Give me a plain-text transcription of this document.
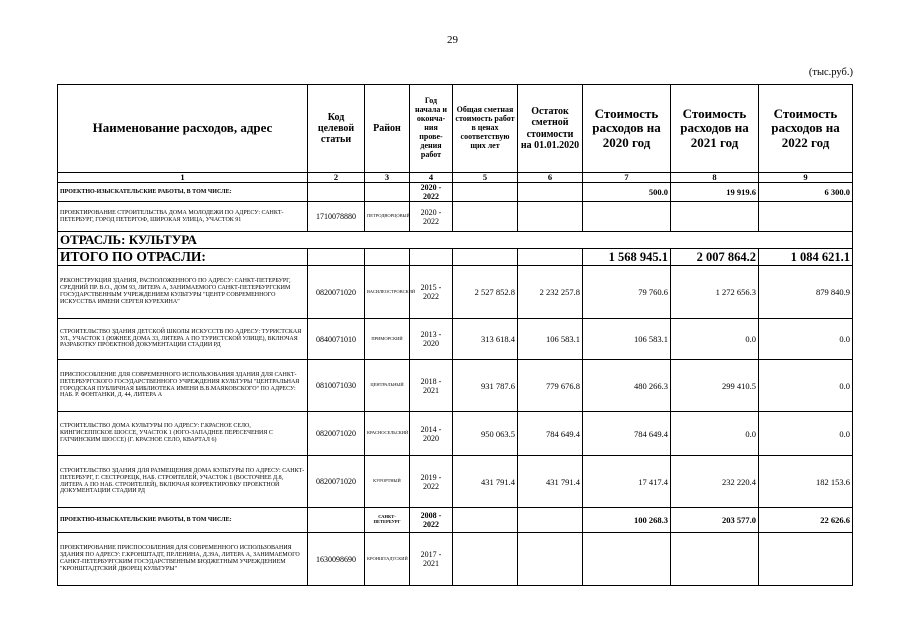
29
(тыс.руб.)
Наименование расходов, адрес	Код целевой статьи	Район	Год начала и оконча-ния прове-дения работ	Общая сметная стоимость работ в ценах соответствую щих лет	Остаток сметной стоимости на 01.01.2020	Стоимость расходов на 2020 год	Стоимость расходов на 2021 год	Стоимость расходов на 2022 год
1	2	3	4	5	6	7	8	9
ПРОЕКТНО-ИЗЫСКАТЕЛЬСКИЕ РАБОТЫ, В ТОМ ЧИСЛЕ:			2020 - 2022			500.0	19 919.6	6 300.0
ПРОЕКТИРОВАНИЕ СТРОИТЕЛЬСТВА ДОМА МОЛОДЕЖИ ПО АДРЕСУ: САНКТ-ПЕТЕРБУРГ, ГОРОД ПЕТЕРГОФ, ШИРОКАЯ УЛИЦА, УЧАСТОК 91	1710078880	ПЕТРОДВОРЦОВЫЙ	2020 - 2022					
ОТРАСЛЬ: КУЛЬТУРА								
ИТОГО ПО ОТРАСЛИ:						1 568 945.1	2 007 864.2	1 084 621.1
РЕКОНСТРУКЦИЯ ЗДАНИЯ, РАСПОЛОЖЕННОГО ПО АДРЕСУ: САНКТ-ПЕТЕРБУРГ, СРЕДНИЙ ПР. В.О., ДОМ 93, ЛИТЕРА А, ЗАНИМАЕМОГО САНКТ-ПЕТЕРБУРГСКИМ ГОСУДАРСТВЕННЫМ УЧРЕЖДЕНИЕМ КУЛЬТУРЫ "ЦЕНТР СОВРЕМЕННОГО ИСКУССТВА ИМЕНИ СЕРГЕЯ КУРЕХИНА"	0820071020	ВАСИЛЕОСТРОВСКИЙ	2015 - 2022	2 527 852.8	2 232 257.8	79 760.6	1 272 656.3	879 840.9
СТРОИТЕЛЬСТВО ЗДАНИЯ ДЕТСКОЙ ШКОЛЫ ИСКУССТВ ПО АДРЕСУ: ТУРИСТСКАЯ УЛ., УЧАСТОК 1 (ЮЖНЕЕ ДОМА 33, ЛИТЕРА А ПО ТУРИСТСКОЙ УЛИЦЕ), ВКЛЮЧАЯ РАЗРАБОТКУ ПРОЕКТНОЙ ДОКУМЕНТАЦИИ СТАДИИ РД	0840071010	ПРИМОРСКИЙ	2013 - 2020	313 618.4	106 583.1	106 583.1	0.0	0.0
ПРИСПОСОБЛЕНИЕ ДЛЯ СОВРЕМЕННОГО ИСПОЛЬЗОВАНИЯ ЗДАНИЯ ДЛЯ САНКТ-ПЕТЕРБУРГСКОГО ГОСУДАРСТВЕННОГО УЧРЕЖДЕНИЯ КУЛЬТУРЫ "ЦЕНТРАЛЬНАЯ ГОРОДСКАЯ ПУБЛИЧНАЯ БИБЛИОТЕКА ИМЕНИ В.В.МАЯКОВСКОГО" ПО АДРЕСУ: НАБ. Р. ФОНТАНКИ, Д. 44, ЛИТЕРА А	0810071030	ЦЕНТРАЛЬНЫЙ	2018 - 2021	931 787.6	779 676.8	480 266.3	299 410.5	0.0
СТРОИТЕЛЬСТВО ДОМА КУЛЬТУРЫ ПО АДРЕСУ: Г.КРАСНОЕ СЕЛО, КИНГИСЕППСКОЕ ШОССЕ, УЧАСТОК 1 (ЮГО-ЗАПАДНЕЕ ПЕРЕСЕЧЕНИЯ С ГАТЧИНСКИМ ШОССЕ) (Г. КРАСНОЕ СЕЛО, КВАРТАЛ 6)	0820071020	КРАСНОСЕЛЬСКИЙ	2014 - 2020	950 063.5	784 649.4	784 649.4	0.0	0.0
СТРОИТЕЛЬСТВО ЗДАНИЯ ДЛЯ РАЗМЕЩЕНИЯ ДОМА КУЛЬТУРЫ ПО АДРЕСУ: САНКТ-ПЕТЕРБУРГ, Г. СЕСТРОРЕЦК, НАБ. СТРОИТЕЛЕЙ, УЧАСТОК 1 (ВОСТОЧНЕЕ Д.8, ЛИТЕРА А ПО НАБ. СТРОИТЕЛЕЙ), ВКЛЮЧАЯ КОРРЕКТИРОВКУ ПРОЕКТНОЙ ДОКУМЕНТАЦИИ СТАДИИ РД	0820071020	КУРОРТНЫЙ	2019 - 2022	431 791.4	431 791.4	17 417.4	232 220.4	182 153.6
ПРОЕКТНО-ИЗЫСКАТЕЛЬСКИЕ РАБОТЫ, В ТОМ ЧИСЛЕ:		САНКТ-ПЕТЕРБУРГ	2008 - 2022			100 268.3	203 577.0	22 626.6
ПРОЕКТИРОВАНИЕ ПРИСПОСОБЛЕНИЯ ДЛЯ СОВРЕМЕННОГО ИСПОЛЬЗОВАНИЯ ЗДАНИЯ ПО АДРЕСУ: Г.КРОНШТАДТ, ПР.ЛЕНИНА, Д.39А, ЛИТЕРА А, ЗАНИМАЕМОГО САНКТ-ПЕТЕРБУРГСКИМ ГОСУДАРСТВЕННЫМ БЮДЖЕТНЫМ УЧРЕЖДЕНИЕМ "КРОНШТАДТСКИЙ ДВОРЕЦ КУЛЬТУРЫ"	1630098690	КРОНШТАДТСКИЙ	2017 - 2021					
